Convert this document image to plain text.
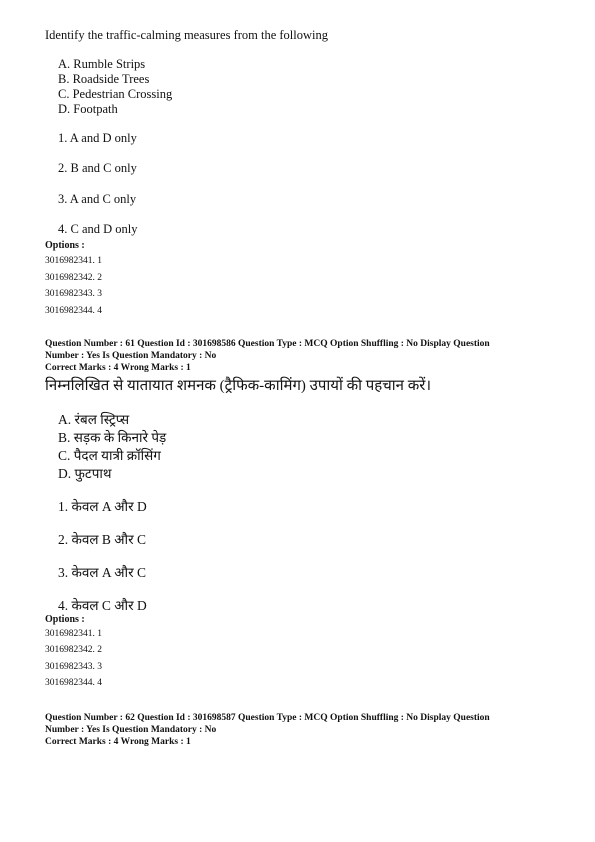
Identify the traffic-calming measures from the following
A. Rumble Strips
B. Roadside Trees
C. Pedestrian Crossing
D. Footpath
1. A and D only
2. B and C only
3. A and C only
4. C and D only
Options :
3016982341. 1
3016982342. 2
3016982343. 3
3016982344. 4
Question Number : 61 Question Id : 301698586 Question Type : MCQ Option Shuffling : No Display Question
Number : Yes Is Question Mandatory : No
Correct Marks : 4 Wrong Marks : 1
निम्नलिखित से यातायात शमनक (ट्रैफिक-कामिंग) उपायों की पहचान करें।
A. रंबल स्ट्रिप्स
B. सड़क के किनारे पेड़
C. पैदल यात्री क्रॉसिंग
D. फुटपाथ
1. केवल A और D
2. केवल B और C
3. केवल A और C
4. केवल C और D
Options :
3016982341. 1
3016982342. 2
3016982343. 3
3016982344. 4
Question Number : 62 Question Id : 301698587 Question Type : MCQ Option Shuffling : No Display Question
Number : Yes Is Question Mandatory : No
Correct Marks : 4 Wrong Marks : 1
